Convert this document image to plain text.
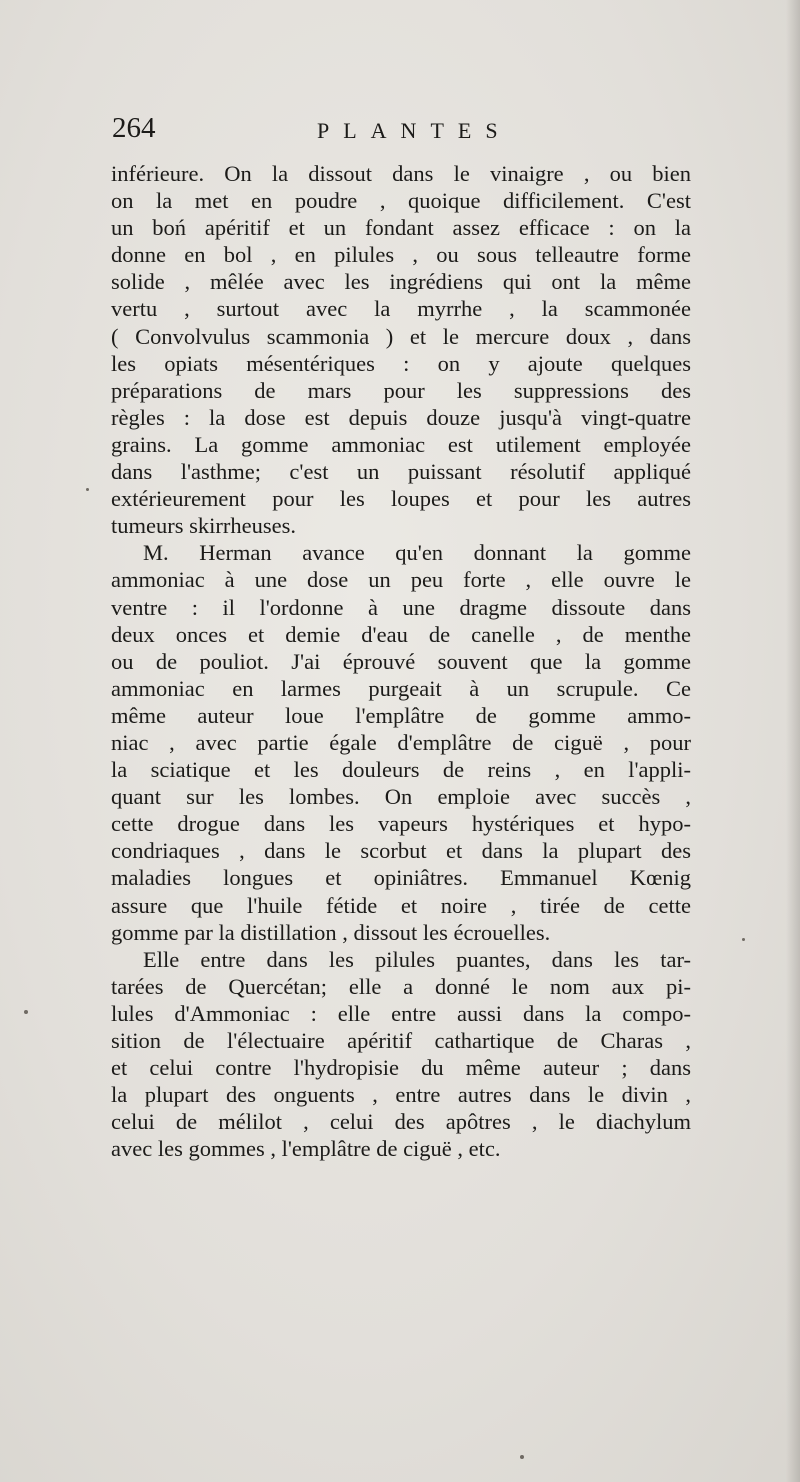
264	PLANTES
inférieure. On la dissout dans le vinaigre , ou bien
on la met en poudre , quoique difficilement. C'est
un boń apéritif et un fondant assez efficace : on la
donne en bol , en pilules , ou sous telleautre forme
solide , mêlée avec les ingrédiens qui ont la même
vertu , surtout avec la myrrhe , la scammonée
( Convolvulus scammonia ) et le mercure doux , dans
les opiats mésentériques : on y ajoute quelques
préparations de mars pour les suppressions des
règles : la dose est depuis douze jusqu'à vingt-quatre
grains. La gomme ammoniac est utilement employée
dans l'asthme; c'est un puissant résolutif appliqué
extérieurement pour les loupes et pour les autres
tumeurs skirrheuses.
M. Herman avance qu'en donnant la gomme
ammoniac à une dose un peu forte , elle ouvre le
ventre : il l'ordonne à une dragme dissoute dans
deux onces et demie d'eau de canelle , de menthe
ou de pouliot. J'ai éprouvé souvent que la gomme
ammoniac en larmes purgeait à un scrupule. Ce
même auteur loue l'emplâtre de gomme ammo-
niac , avec partie égale d'emplâtre de ciguë , pour
la sciatique et les douleurs de reins , en l'appli-
quant sur les lombes. On emploie avec succès ,
cette drogue dans les vapeurs hystériques et hypo-
condriaques , dans le scorbut et dans la plupart des
maladies longues et opiniâtres. Emmanuel Kœnig
assure que l'huile fétide et noire , tirée de cette
gomme par la distillation , dissout les écrouelles.
Elle entre dans les pilules puantes, dans les tar-
tarées de Quercétan; elle a donné le nom aux pi-
lules d'Ammoniac : elle entre aussi dans la compo-
sition de l'électuaire apéritif cathartique de Charas ,
et celui contre l'hydropisie du même auteur ; dans
la plupart des onguents , entre autres dans le divin ,
celui de mélilot , celui des apôtres , le diachylum
avec les gommes , l'emplâtre de ciguë , etc.
